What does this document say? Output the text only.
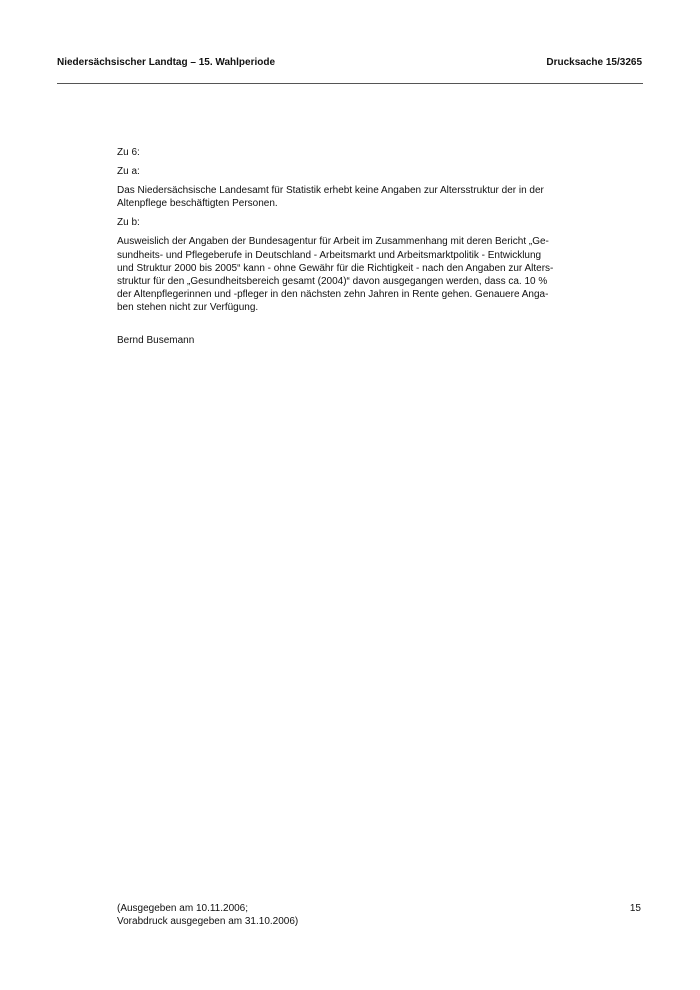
Niedersächsischer Landtag – 15. Wahlperiode	Drucksache 15/3265

Zu 6:

Zu a:

Das Niedersächsische Landesamt für Statistik erhebt keine Angaben zur Altersstruktur der in der
Altenpflege beschäftigten Personen.

Zu b:

Ausweislich der Angaben der Bundesagentur für Arbeit im Zusammenhang mit deren Bericht „Ge-
sundheits- und Pflegeberufe in Deutschland - Arbeitsmarkt und Arbeitsmarktpolitik - Entwicklung
und Struktur 2000 bis 2005“ kann - ohne Gewähr für die Richtigkeit - nach den Angaben zur Alters-
struktur für den „Gesundheitsbereich gesamt (2004)“ davon ausgegangen werden, dass ca. 10 %
der Altenpflegerinnen und -pfleger in den nächsten zehn Jahren in Rente gehen. Genauere Anga-
ben stehen nicht zur Verfügung.

Bernd Busemann

(Ausgegeben am 10.11.2006;
Vorabdruck ausgegeben am 31.10.2006)
15
